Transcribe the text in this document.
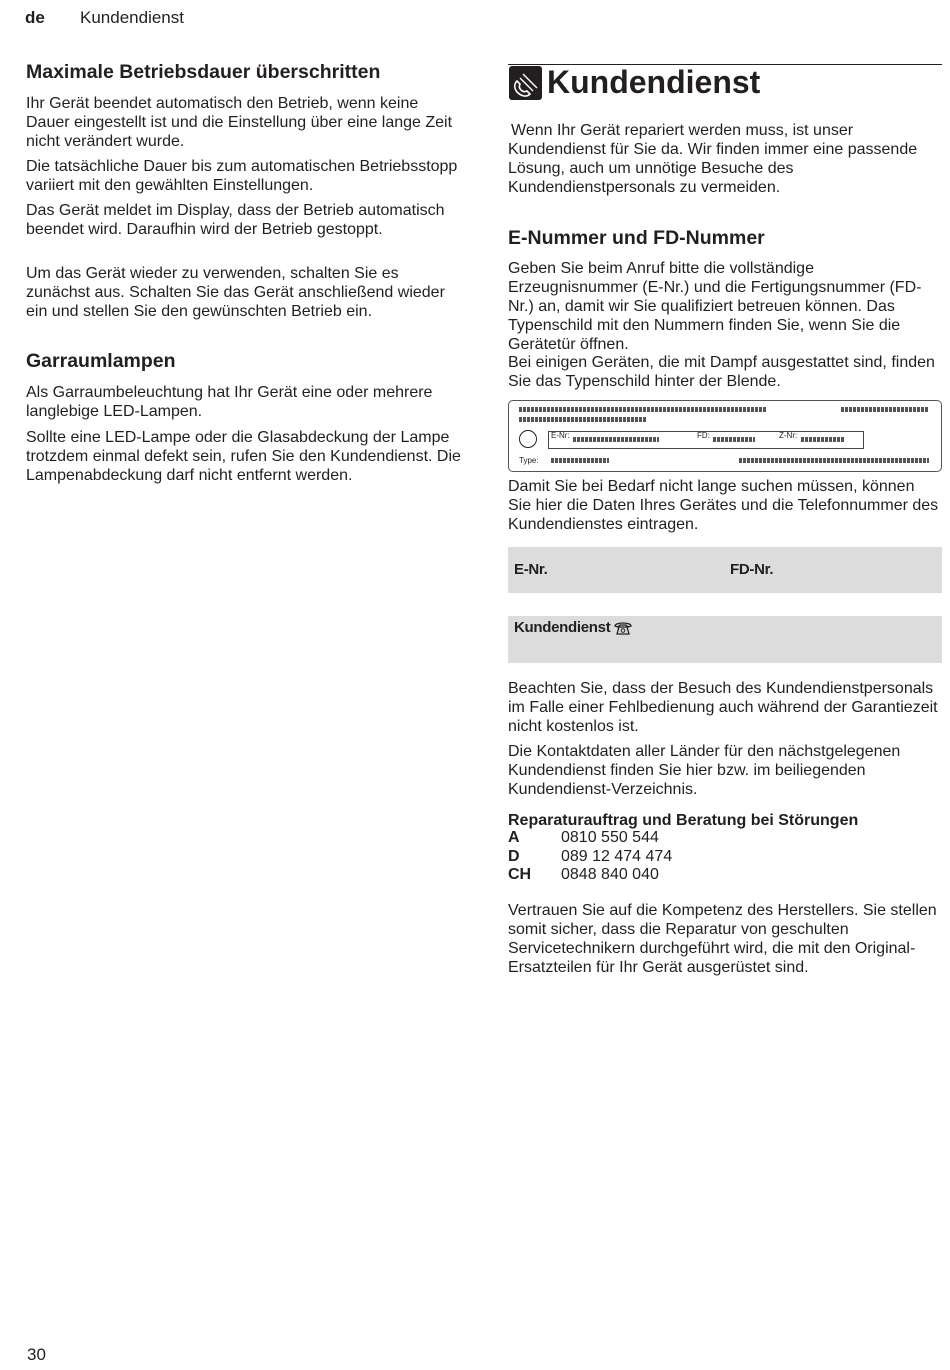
de Kundendienst
Maximale Betriebsdauer überschritten

Ihr Gerät beendet automatisch den Betrieb, wenn keine Dauer eingestellt ist und die Einstellung über eine lange Zeit nicht verändert wurde.

Die tatsächliche Dauer bis zum automatischen Betriebsstopp variiert mit den gewählten Einstellungen.

Das Gerät meldet im Display, dass der Betrieb automatisch beendet wird. Daraufhin wird der Betrieb gestoppt.

Um das Gerät wieder zu verwenden, schalten Sie es zunächst aus. Schalten Sie das Gerät anschließend wieder ein und stellen Sie den gewünschten Betrieb ein.

Garraumlampen

Als Garraumbeleuchtung hat Ihr Gerät eine oder mehrere langlebige LED-Lampen.

Sollte eine LED-Lampe oder die Glasabdeckung der Lampe trotzdem einmal defekt sein, rufen Sie den Kundendienst. Die Lampenabdeckung darf nicht entfernt werden.

Kundendienst

Wenn Ihr Gerät repariert werden muss, ist unser Kundendienst für Sie da. Wir finden immer eine passende Lösung, auch um unnötige Besuche des Kundendienstpersonals zu vermeiden.

E-Nummer und FD-Nummer

Geben Sie beim Anruf bitte die vollständige Erzeugnisnummer (E-Nr.) und die Fertigungsnummer (FD-Nr.) an, damit wir Sie qualifiziert betreuen können. Das Typenschild mit den Nummern finden Sie, wenn Sie die Gerätetür öffnen.

Bei einigen Geräten, die mit Dampf ausgestattet sind, finden Sie das Typenschild hinter der Blende.

Damit Sie bei Bedarf nicht lange suchen müssen, können Sie hier die Daten Ihres Gerätes und die Telefonnummer des Kundendienstes eintragen.

Beachten Sie, dass der Besuch des Kundendienstpersonals im Falle einer Fehlbedienung auch während der Garantiezeit nicht kostenlos ist.

Die Kontaktdaten aller Länder für den nächstgelegenen Kundendienst finden Sie hier bzw. im beiliegenden Kundendienst-Verzeichnis.

Reparaturauftrag und Beratung bei Störungen
A	0810 550 544
D	089 12 474 474
CH 0848 840 040

Vertrauen Sie auf die Kompetenz des Herstellers. Sie stellen somit sicher, dass die Reparatur von geschulten Servicetechnikern durchgeführt wird, die mit den Original-Ersatzteilen für Ihr Gerät ausgerüstet sind.

E-Nr:	FD:	Z-Nr:
Type:
E-Nr.	FD-Nr.
Kundendienst
30
